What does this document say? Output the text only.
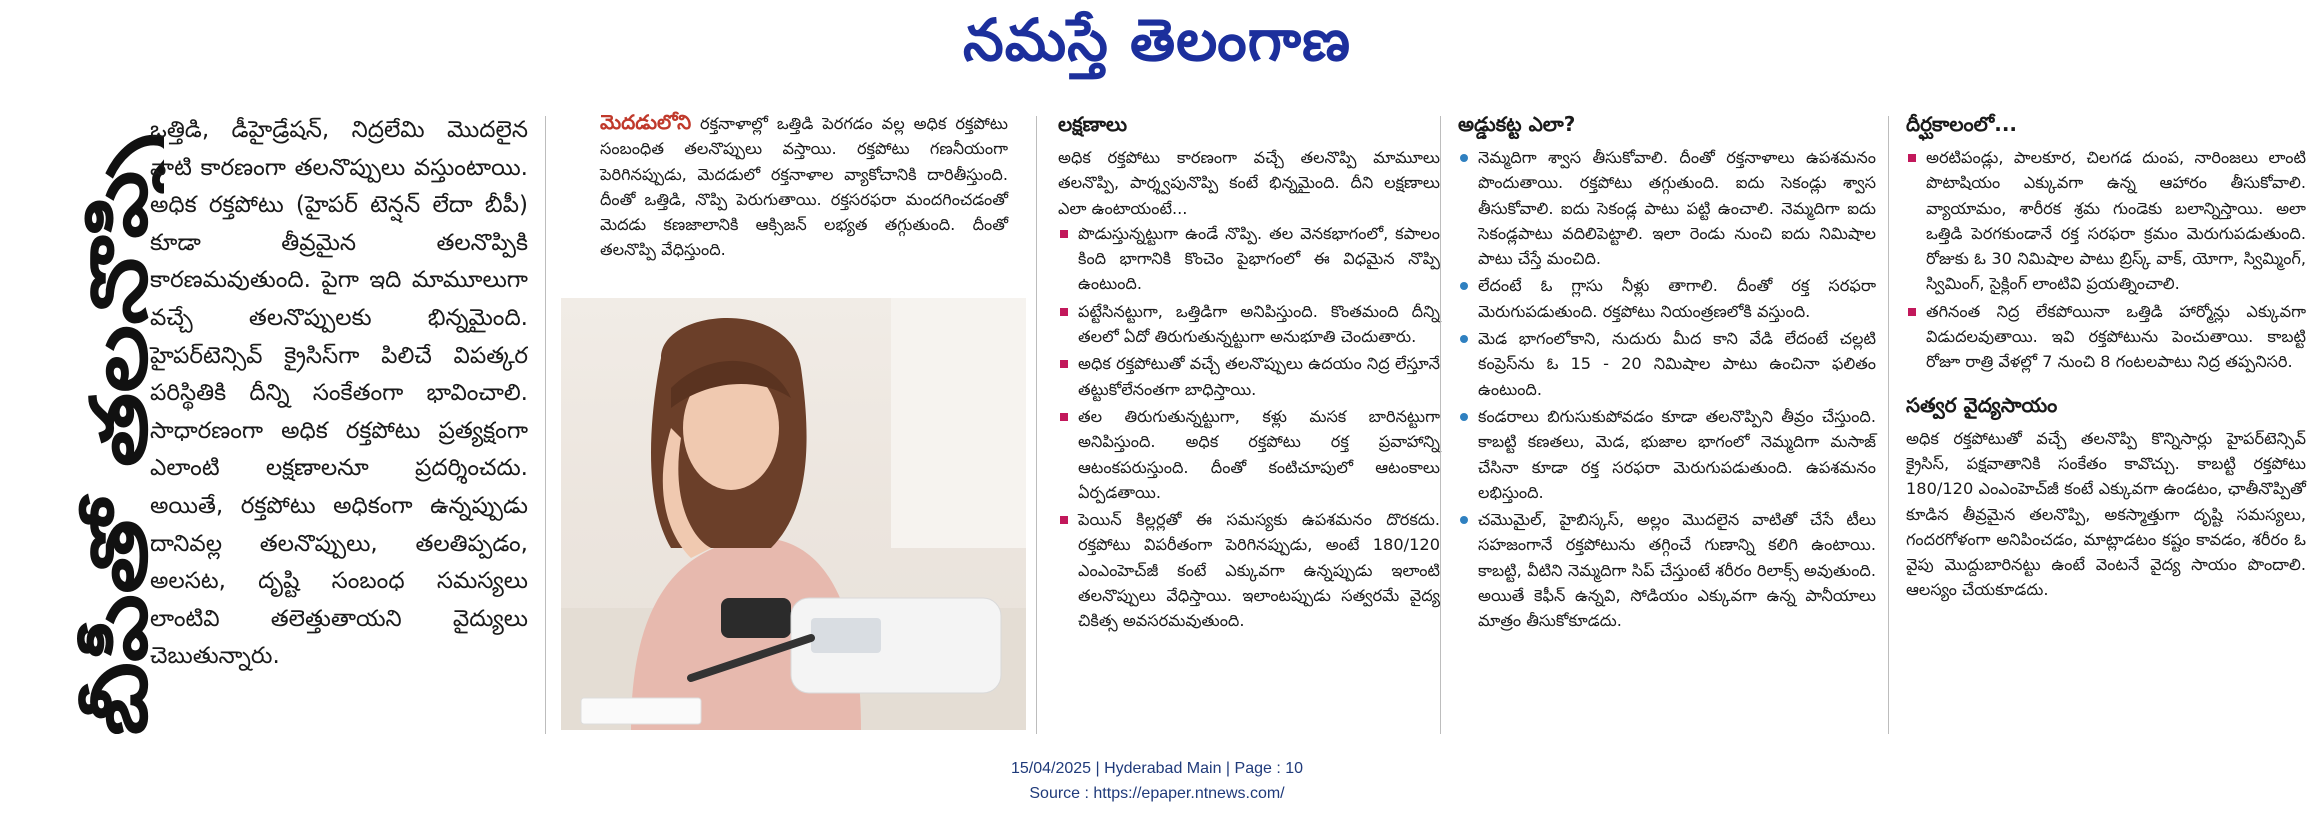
నమస్తే తెలంగాణ
బీపీతో తలనొప్పి

ఒత్తిడి, డీహైడ్రేషన్, నిద్రలేమి మొదలైన వాటి కారణంగా తలనొప్పులు వస్తుంటాయి. అధిక రక్తపోటు (హైపర్ టెన్షన్ లేదా బీపీ) కూడా తీవ్రమైన తలనొప్పికి కారణమవుతుంది. పైగా ఇది మామూలుగా వచ్చే తలనొప్పులకు భిన్నమైంది. హైపర్‌టెన్సివ్ క్రైసిస్‌గా పిలిచే విపత్కర పరిస్థితికి దీన్ని సంకేతంగా భావించాలి. సాధారణంగా అధిక రక్తపోటు ప్రత్యక్షంగా ఎలాంటి లక్షణాలనూ ప్రదర్శించదు. అయితే, రక్తపోటు అధికంగా ఉన్నప్పుడు దానివల్ల తలనొప్పులు, తలతిప్పడం, అలసట, దృష్టి సంబంధ సమస్యలు లాంటివి తలెత్తుతాయని వైద్యులు చెబుతున్నారు.

మెదడులోని రక్తనాళాల్లో ఒత్తిడి పెరగడం వల్ల అధిక రక్తపోటు సంబంధిత తలనొప్పులు వస్తాయి. రక్తపోటు గణనీయంగా పెరిగినప్పుడు, మెదడులో రక్తనాళాల వ్యాకోచానికి దారితీస్తుంది. దీంతో ఒత్తిడి, నొప్పి పెరుగుతాయి. రక్తసరఫరా మందగించడంతో మెదడు కణజాలానికి ఆక్సిజన్ లభ్యత తగ్గుతుంది. దీంతో తలనొప్పి వేధిస్తుంది.

లక్షణాలు

అధిక రక్తపోటు కారణంగా వచ్చే తలనొప్పి మామూలు తలనొప్పి, పార్శ్వపునొప్పి కంటే భిన్నమైంది. దీని లక్షణాలు ఎలా ఉంటాయంటే...

పొడుస్తున్నట్టుగా ఉండే నొప్పి. తల వెనకభాగంలో, కపాలం కింది భాగానికి కొంచెం పైభాగంలో ఈ విధమైన నొప్పి ఉంటుంది.
పట్టేసినట్టుగా, ఒత్తిడిగా అనిపిస్తుంది. కొంతమంది దీన్ని తలలో ఏదో తిరుగుతున్నట్టుగా అనుభూతి చెందుతారు.
అధిక రక్తపోటుతో వచ్చే తలనొప్పులు ఉదయం నిద్ర లేస్తూనే తట్టుకోలేనంతగా బాధిస్తాయి.
తల తిరుగుతున్నట్టుగా, కళ్లు మసక బారినట్టుగా అనిపిస్తుంది. అధిక రక్తపోటు రక్త ప్రవాహాన్ని ఆటంకపరుస్తుంది. దీంతో కంటిచూపులో ఆటంకాలు ఏర్పడతాయి.
పెయిన్ కిల్లర్లతో ఈ సమస్యకు ఉపశమనం దొరకదు. రక్తపోటు విపరీతంగా పెరిగినప్పుడు, అంటే 180/120 ఎంఎంహెచ్‌జీ కంటే ఎక్కువగా ఉన్నప్పుడు ఇలాంటి తలనొప్పులు వేధిస్తాయి. ఇలాంటప్పుడు సత్వరమే వైద్య చికిత్స అవసరమవుతుంది.
అడ్డుకట్ట ఎలా?
నెమ్మదిగా శ్వాస తీసుకోవాలి. దీంతో రక్తనాళాలు ఉపశమనం పొందుతాయి. రక్తపోటు తగ్గుతుంది. ఐదు సెకండ్లు శ్వాస తీసుకోవాలి. ఐదు సెకండ్ల పాటు పట్టి ఉంచాలి. నెమ్మదిగా ఐదు సెకండ్లపాటు వదిలిపెట్టాలి. ఇలా రెండు నుంచి ఐదు నిమిషాల పాటు చేస్తే మంచిది.
లేదంటే ఓ గ్లాసు నీళ్లు తాగాలి. దీంతో రక్త సరఫరా మెరుగుపడుతుంది. రక్తపోటు నియంత్రణలోకి వస్తుంది.
మెడ భాగంలోకాని, నుదురు మీద కాని వేడి లేదంటే చల్లటి కంప్రెస్‌ను ఓ 15 - 20 నిమిషాల పాటు ఉంచినా ఫలితం ఉంటుంది.
కండరాలు బిగుసుకుపోవడం కూడా తలనొప్పిని తీవ్రం చేస్తుంది. కాబట్టి కణతలు, మెడ, భుజాల భాగంలో నెమ్మదిగా మసాజ్ చేసినా కూడా రక్త సరఫరా మెరుగుపడుతుంది. ఉపశమనం లభిస్తుంది.
చమొమైల్, హైబిస్కస్, అల్లం మొదలైన వాటితో చేసే టీలు సహజంగానే రక్తపోటును తగ్గించే గుణాన్ని కలిగి ఉంటాయి. కాబట్టి, వీటిని నెమ్మదిగా సిప్ చేస్తుంటే శరీరం రిలాక్స్ అవుతుంది. అయితే కెఫీన్ ఉన్నవి, సోడియం ఎక్కువగా ఉన్న పానీయాలు మాత్రం తీసుకోకూడదు.
దీర్ఘకాలంలో...
అరటిపండ్లు, పాలకూర, చిలగడ దుంప, నారింజలు లాంటి పొటాషియం ఎక్కువగా ఉన్న ఆహారం తీసుకోవాలి. వ్యాయామం, శారీరక శ్రమ గుండెకు బలాన్నిస్తాయి. అలా ఒత్తిడి పెరగకుండానే రక్త సరఫరా క్రమం మెరుగుపడుతుంది. రోజుకు ఓ 30 నిమిషాల పాటు బ్రిస్క్ వాక్, యోగా, స్విమ్మింగ్, స్విమింగ్, సైక్లింగ్ లాంటివి ప్రయత్నించాలి.
తగినంత నిద్ర లేకపోయినా ఒత్తిడి హార్మోన్లు ఎక్కువగా విడుదలవుతాయి. ఇవి రక్తపోటును పెంచుతాయి. కాబట్టి రోజూ రాత్రి వేళల్లో 7 నుంచి 8 గంటలపాటు నిద్ర తప్పనిసరి.
సత్వర వైద్యసాయం

అధిక రక్తపోటుతో వచ్చే తలనొప్పి కొన్నిసార్లు హైపర్‌టెన్సివ్ క్రైసిస్, పక్షవాతానికి సంకేతం కావొచ్చు. కాబట్టి రక్తపోటు 180/120 ఎంఎంహెచ్‌జీ కంటే ఎక్కువగా ఉండటం, ఛాతీనొప్పితో కూడిన తీవ్రమైన తలనొప్పి, అకస్మాత్తుగా దృష్టి సమస్యలు, గందరగోళంగా అనిపించడం, మాట్లాడటం కష్టం కావడం, శరీరం ఓ వైపు మొద్దుబారినట్టు ఉంటే వెంటనే వైద్య సాయం పొందాలి. ఆలస్యం చేయకూడదు.

15/04/2025 | Hyderabad Main | Page : 10
Source : https://epaper.ntnews.com/
